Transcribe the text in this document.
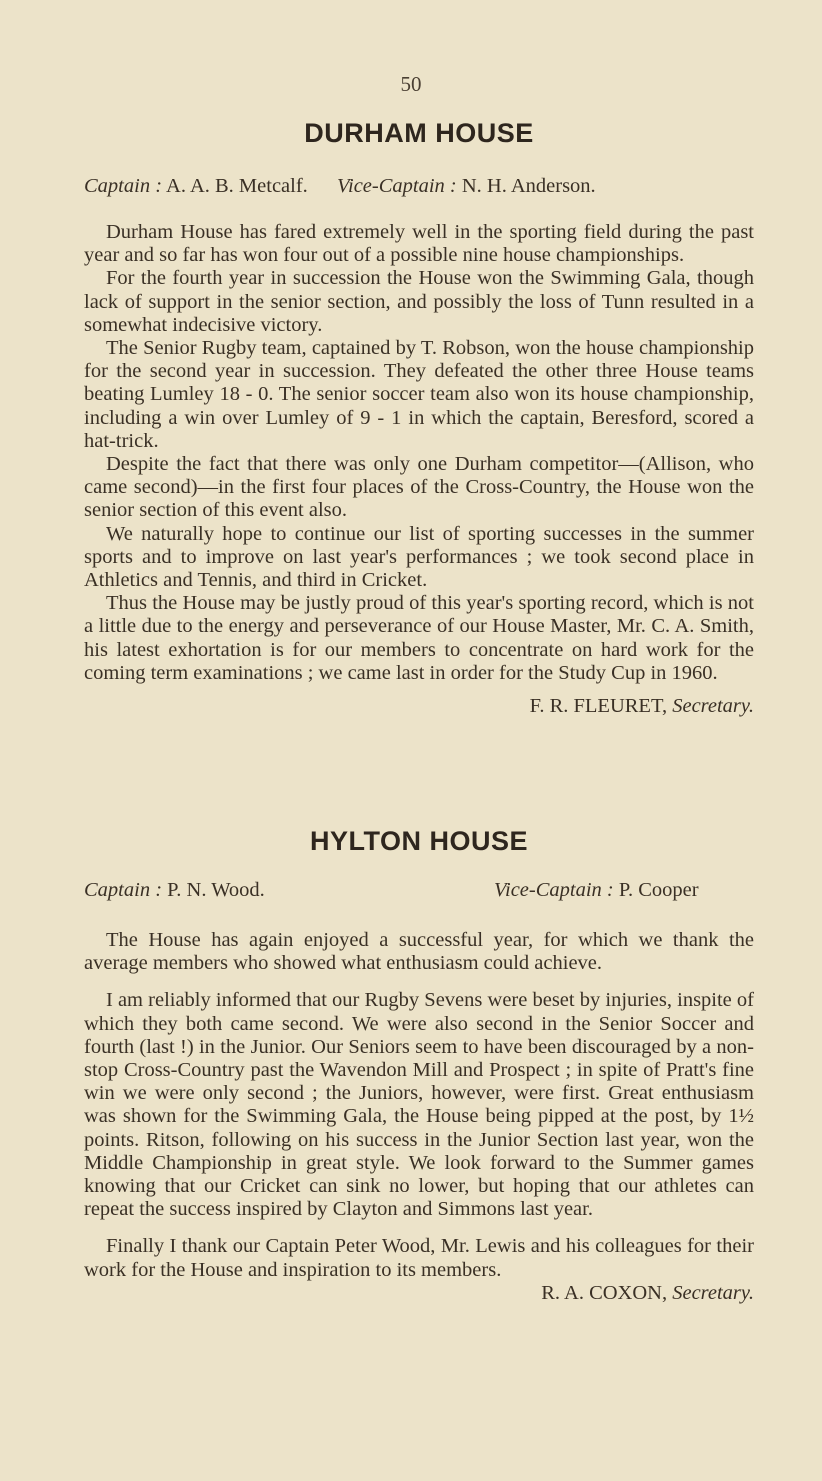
50
DURHAM HOUSE
Captain : A. A. B. Metcalf. Vice-Captain : N. H. Anderson.

Durham House has fared extremely well in the sporting field during the past year and so far has won four out of a possible nine house championships.

For the fourth year in succession the House won the Swimming Gala, though lack of support in the senior section, and possibly the loss of Tunn resulted in a somewhat indecisive victory.

The Senior Rugby team, captained by T. Robson, won the house championship for the second year in succession. They defeated the other three House teams beating Lumley 18 - 0. The senior soccer team also won its house championship, including a win over Lumley of 9 - 1 in which the captain, Beresford, scored a hat-trick.

Despite the fact that there was only one Durham competitor—(Allison, who came second)—in the first four places of the Cross-Country, the House won the senior section of this event also.

We naturally hope to continue our list of sporting successes in the summer sports and to improve on last year's performances ; we took second place in Athletics and Tennis, and third in Cricket.

Thus the House may be justly proud of this year's sporting record, which is not a little due to the energy and perseverance of our House Master, Mr. C. A. Smith, his latest exhortation is for our members to concentrate on hard work for the coming term examinations ; we came last in order for the Study Cup in 1960.

F. R. FLEURET, Secretary.

HYLTON HOUSE
Captain : P. N. Wood.	Vice-Captain : P. Cooper

The House has again enjoyed a successful year, for which we thank the average members who showed what enthusiasm could achieve.

I am reliably informed that our Rugby Sevens were beset by injuries, inspite of which they both came second. We were also second in the Senior Soccer and fourth (last !) in the Junior. Our Seniors seem to have been discouraged by a non-stop Cross-Country past the Wavendon Mill and Prospect ; in spite of Pratt's fine win we were only second ; the Juniors, however, were first. Great enthusiasm was shown for the Swimming Gala, the House being pipped at the post, by 1½ points. Ritson, following on his success in the Junior Section last year, won the Middle Championship in great style. We look forward to the Summer games knowing that our Cricket can sink no lower, but hoping that our athletes can repeat the success inspired by Clayton and Simmons last year.

Finally I thank our Captain Peter Wood, Mr. Lewis and his colleagues for their work for the House and inspiration to its members.

R. A. COXON, Secretary.
